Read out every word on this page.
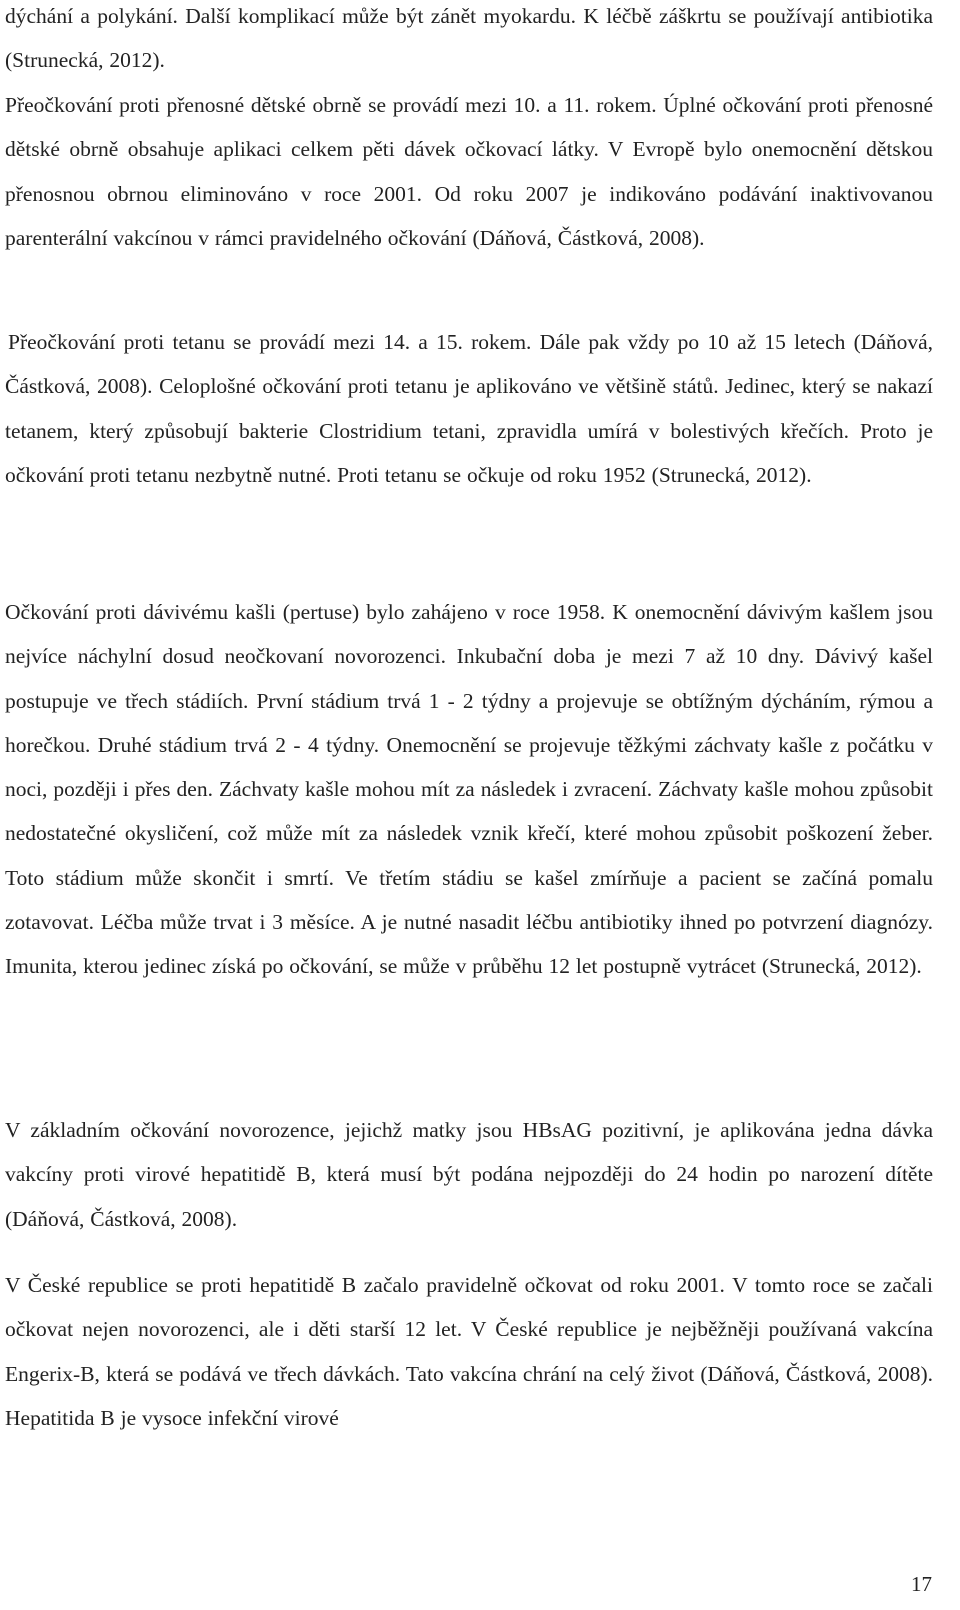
dýchání a polykání. Další komplikací může být zánět myokardu. K léčbě záškrtu se používají antibiotika (Strunecká, 2012).

Přeočkování proti přenosné dětské obrně se provádí mezi 10. a 11. rokem. Úplné očkování proti přenosné dětské obrně obsahuje aplikaci celkem pěti dávek očkovací látky. V Evropě bylo onemocnění dětskou přenosnou obrnou eliminováno v roce 2001. Od roku 2007 je indikováno podávání inaktivovanou parenterální vakcínou v rámci pravidelného očkování (Dáňová, Částková, 2008).

Přeočkování proti tetanu se provádí mezi 14. a 15. rokem. Dále pak vždy po 10 až 15 letech (Dáňová, Částková, 2008). Celoplošné očkování proti tetanu je aplikováno ve většině států. Jedinec, který se nakazí tetanem, který způsobují bakterie Clostridium tetani, zpravidla umírá v bolestivých křečích. Proto je očkování proti tetanu nezbytně nutné. Proti tetanu se očkuje od roku 1952 (Strunecká, 2012).

Očkování proti dávivému kašli (pertuse) bylo zahájeno v roce 1958. K onemocnění dávivým kašlem jsou nejvíce náchylní dosud neočkovaní novorozenci. Inkubační doba je mezi 7 až 10 dny. Dávivý kašel postupuje ve třech stádiích. První stádium trvá 1 - 2 týdny a projevuje se obtížným dýcháním, rýmou a horečkou. Druhé stádium trvá 2 - 4 týdny. Onemocnění se projevuje těžkými záchvaty kašle z počátku v noci, později i přes den. Záchvaty kašle mohou mít za následek i zvracení. Záchvaty kašle mohou způsobit nedostatečné okysličení, což může mít za následek vznik křečí, které mohou způsobit poškození žeber. Toto stádium může skončit i smrtí. Ve třetím stádiu se kašel zmírňuje a pacient se začíná pomalu zotavovat. Léčba může trvat i 3 měsíce. A je nutné nasadit léčbu antibiotiky ihned po potvrzení diagnózy. Imunita, kterou jedinec získá po očkování, se může v průběhu 12 let postupně vytrácet (Strunecká, 2012).

V základním očkování novorozence, jejichž matky jsou HBsAG pozitivní, je aplikována jedna dávka vakcíny proti virové hepatitidě B, která musí být podána nejpozději do 24 hodin po narození dítěte (Dáňová, Částková, 2008).

V České republice se proti hepatitidě B začalo pravidelně očkovat od roku 2001. V tomto roce se začali očkovat nejen novorozenci, ale i děti starší 12 let. V České republice je nejběžněji používaná vakcína Engerix-B, která se podává ve třech dávkách. Tato vakcína chrání na celý život (Dáňová, Částková, 2008). Hepatitida B je vysoce infekční virové

17
